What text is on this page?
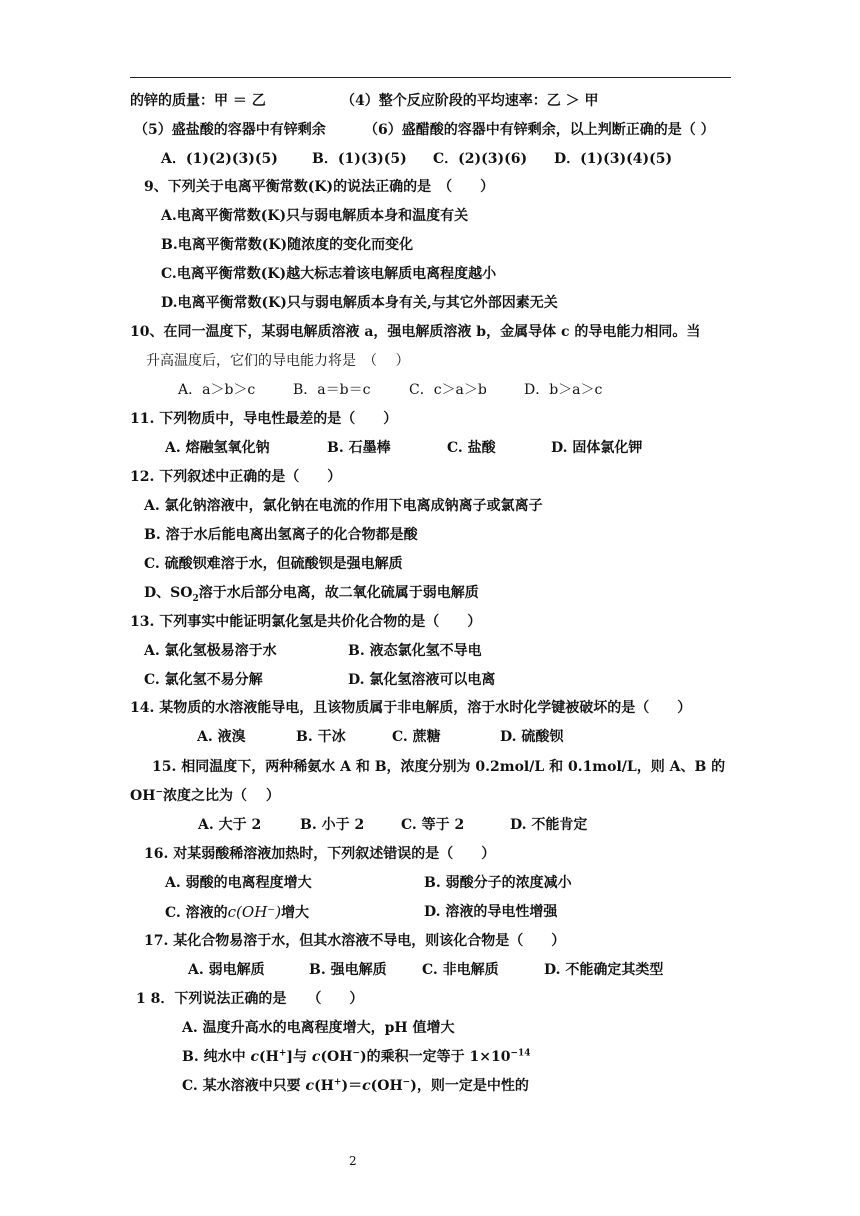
的锌的质量：甲 ＝ 乙	（4）整个反应阶段的平均速率：乙 ＞ 甲
（5）盛盐酸的容器中有锌剩余	（6）盛醋酸的容器中有锌剩余，以上判断正确的是（ ）
A．(1)(2)(3)(5) B．(1)(3)(5) C．(2)(3)(6) D．(1)(3)(4)(5)
9、下列关于电离平衡常数(K)的说法正确的是　（　　）
A.电离平衡常数(K)只与弱电解质本身和温度有关
B.电离平衡常数(K)随浓度的变化而变化
C.电离平衡常数(K)越大标志着该电解质电离程度越小
D.电离平衡常数(K)只与弱电解质本身有关,与其它外部因素无关
10、在同一温度下，某弱电解质溶液 a，强电解质溶液 b，金属导体 c 的导电能力相同。当
升高温度后，它们的导电能力将是　（　 ）
A．a＞b＞c	B．a＝b＝c	C．c＞a＞b	D．b＞a＞c
11. 下列物质中，导电性最差的是（　　）
A. 熔融氢氧化钠	B. 石墨棒	C. 盐酸	D. 固体氯化钾
12. 下列叙述中正确的是（　　）
A. 氯化钠溶液中，氯化钠在电流的作用下电离成钠离子或氯离子
B. 溶于水后能电离出氢离子的化合物都是酸
C. 硫酸钡难溶于水，但硫酸钡是强电解质
D、$SO_2$溶于水后部分电离，故二氧化硫属于弱电解质
13. 下列事实中能证明氯化氢是共价化合物的是（　　）
A. 氯化氢极易溶于水	B. 液态氯化氢不导电
C. 氯化氢不易分解	D. 氯化氢溶液可以电离
14. 某物质的水溶液能导电，且该物质属于非电解质，溶于水时化学键被破坏的是（　　）
A. 液溴	B. 干冰	C. 蔗糖	D. 硫酸钡
15. 相同温度下，两种稀氨水 A 和 B，浓度分别为 0.2mol/L 和 0.1mol/L，则 A、B 的
OH−浓度之比为（　 ）
A. 大于 2	B. 小于 2	C. 等于 2	D. 不能肯定
16. 对某弱酸稀溶液加热时，下列叙述错误的是（　　）
A. 弱酸的电离程度增大	B. 弱酸分子的浓度减小
C. 溶液的c(OH⁻)增大	D. 溶液的导电性增强
17. 某化合物易溶于水，但其水溶液不导电，则该化合物是（　　）
A. 弱电解质	B. 强电解质	C. 非电解质	D. 不能确定其类型
1 8．下列说法正确的是　　（　　）
A. 温度升高水的电离程度增大，pH 值增大
B. 纯水中 c(H+]与 c(OH−)的乘积一定等于 $1\times 10^{-14}$
C. 某水溶液中只要 c(H+)＝c(OH−)，则一定是中性的
2
